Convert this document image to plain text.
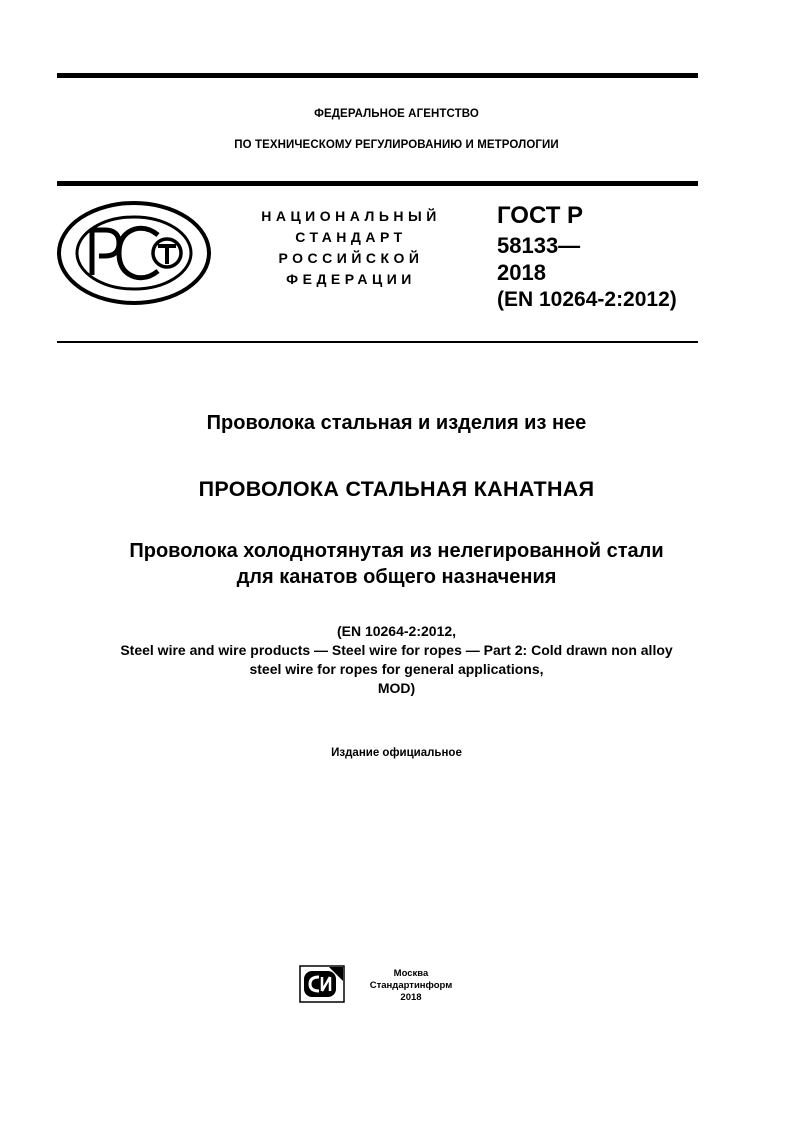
ФЕДЕРАЛЬНОЕ АГЕНТСТВО
ПО ТЕХНИЧЕСКОМУ РЕГУЛИРОВАНИЮ И МЕТРОЛОГИИ
НАЦИОНАЛЬНЫЙ
СТАНДАРТ
РОССИЙСКОЙ
ФЕДЕРАЦИИ
ГОСТ Р
58133—
2018
(EN 10264-2:2012)
Проволока стальная и изделия из нее
ПРОВОЛОКА СТАЛЬНАЯ КАНАТНАЯ
Проволока холоднотянутая из нелегированной стали
для канатов общего назначения
(EN 10264-2:2012,
Steel wire and wire products — Steel wire for ropes — Part 2: Cold drawn non alloy
steel wire for ropes for general applications,
MOD)
Издание официальное
Москва
Стандартинформ
2018
